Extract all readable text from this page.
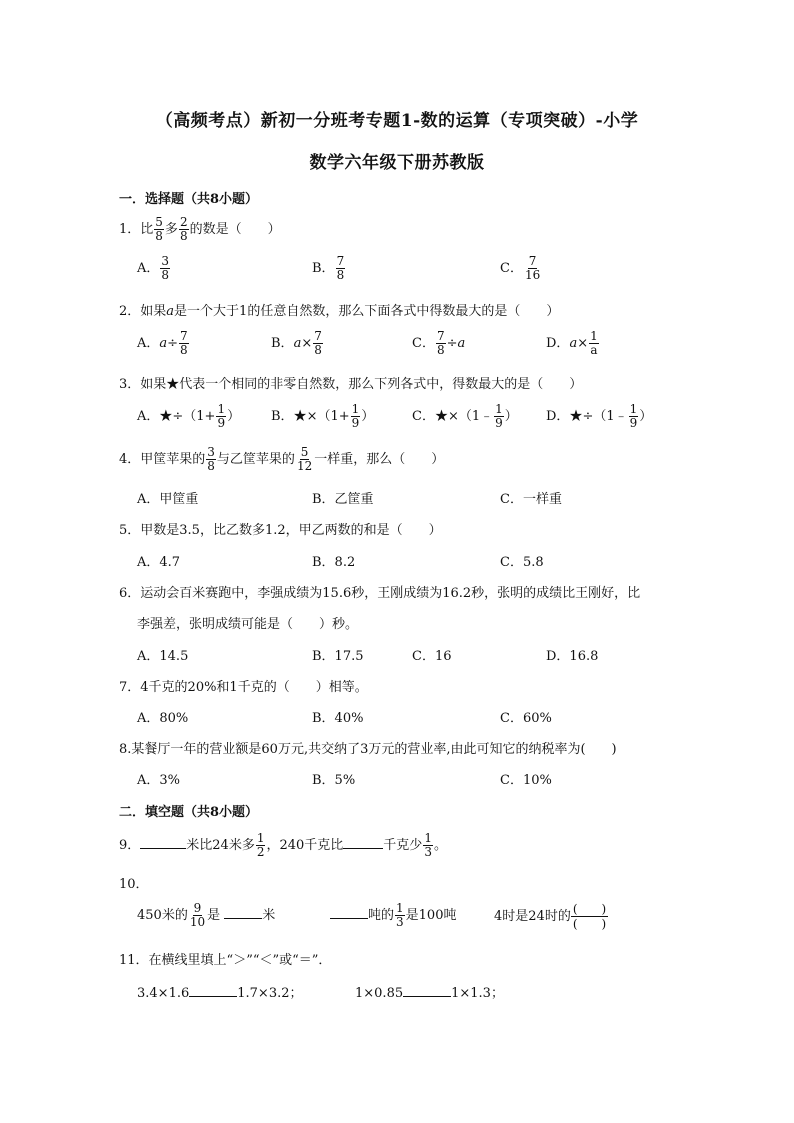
（高频考点）新初一分班考专题1-数的运算（专项突破）-小学
数学六年级下册苏教版
一．选择题（共8小题）
1．比 $\frac{5}{8}$ 多 $\frac{2}{8}$ 的数是（　　）
A． $\frac{3}{8}$	B． $\frac{7}{8}$	C． $\frac{7}{16}$
2．如果a是一个大于1的任意自然数，那么下面各式中得数最大的是（　　）
A．$a\div \frac{7}{8}$	B．$a\times \frac{7}{8}$	C． $\frac{7}{8} \div a$	D．$a\times \frac{1}{a}$
3．如果★代表一个相同的非零自然数，那么下列各式中，得数最大的是（　　）
A．★÷（1+ $\frac{1}{9}$ ） B．★×（1+ $\frac{1}{9}$ ）	C．★×（1﹣ $\frac{1}{9}$ ） D．★÷（1﹣ $\frac{1}{9}$ ）
4．甲筐苹果的 $\frac{3}{8}$ 与乙筐苹果的 $\frac{5}{12}$ 一样重，那么（　　）
A．甲筐重	B．乙筐重	C．一样重
5．甲数是3.5，比乙数多1.2，甲乙两数的和是（　　）
A．4.7	B．8.2	C．5.8
6．运动会百米赛跑中，李强成绩为15.6秒，王刚成绩为16.2秒，张明的成绩比王刚好，比
李强差，张明成绩可能是（　　）秒。
A．14.5	B．17.5	C．16	D．16.8
7．4千克的20%和1千克的（　　）相等。
A．80%	B．40%	C．60%
8.某餐厅一年的营业额是60万元,共交纳了3万元的营业率,由此可知它的纳税率为(　　)
A．3%	B．5%	C．10%
二．填空题（共8小题）
9．	米比24米多 $\frac{1}{2}$ ，240千克比	千克少 $\frac{1}{3}$ 。
10．
450米的 $\frac{9}{10}$ 是	米	吨的 $\frac{1}{3}$ 是100吨	4时是24时的 $\frac{( )}{( )}$
11．在横线里填上“＞”“＜”或“＝”．
3.4×1.6	1.7×3.2；	1×0.85	1×1.3；
